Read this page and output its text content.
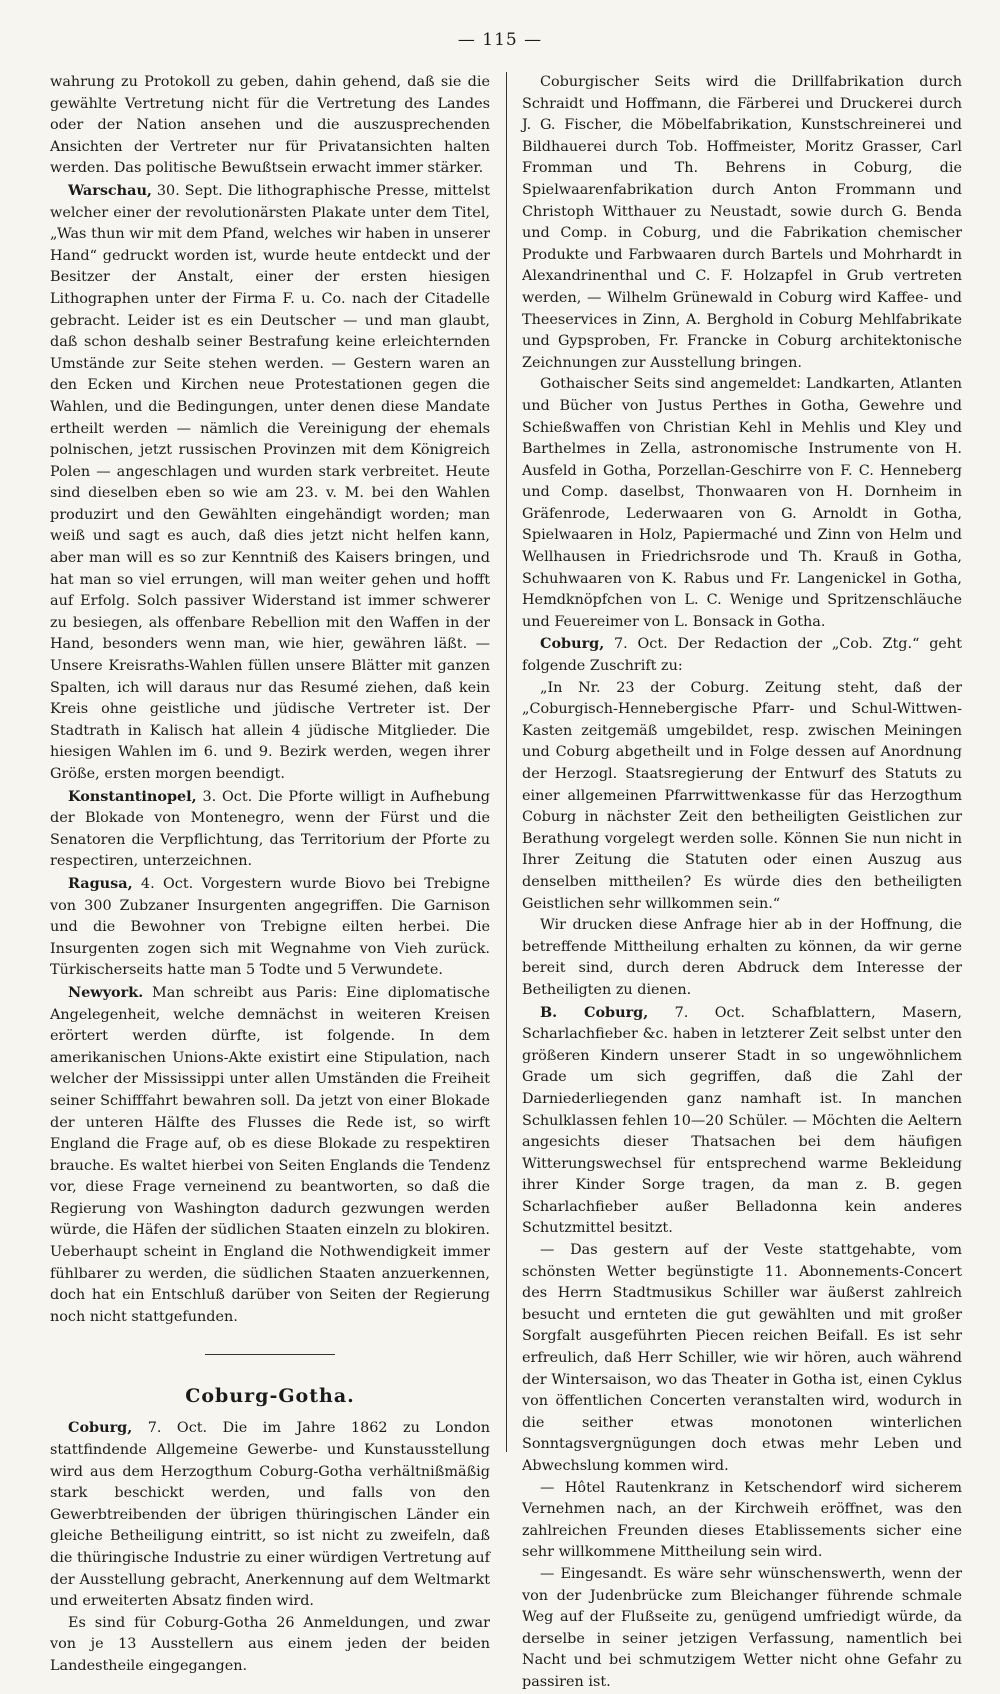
— 115 —

wahrung zu Protokoll zu geben, dahin gehend, daß sie die gewählte Vertretung nicht für die Vertretung des Landes oder der Nation ansehen und die auszusprechenden Ansichten der Vertreter nur für Privatansichten halten werden. Das politische Bewußtsein erwacht immer stärker.

Warschau, 30. Sept. Die lithographische Presse, mittelst welcher einer der revolutionärsten Plakate unter dem Titel, „Was thun wir mit dem Pfand, welches wir haben in unserer Hand“ gedruckt worden ist, wurde heute entdeckt und der Besitzer der Anstalt, einer der ersten hiesigen Lithographen unter der Firma F. u. Co. nach der Citadelle gebracht. Leider ist es ein Deutscher — und man glaubt, daß schon deshalb seiner Bestrafung keine erleichternden Umstände zur Seite stehen werden. — Gestern waren an den Ecken und Kirchen neue Protestationen gegen die Wahlen, und die Bedingungen, unter denen diese Mandate ertheilt werden — nämlich die Vereinigung der ehemals polnischen, jetzt russischen Provinzen mit dem Königreich Polen — angeschlagen und wurden stark verbreitet. Heute sind dieselben eben so wie am 23. v. M. bei den Wahlen produzirt und den Gewählten eingehändigt worden; man weiß und sagt es auch, daß dies jetzt nicht helfen kann, aber man will es so zur Kenntniß des Kaisers bringen, und hat man so viel errungen, will man weiter gehen und hofft auf Erfolg. Solch passiver Widerstand ist immer schwerer zu besiegen, als offenbare Rebellion mit den Waffen in der Hand, besonders wenn man, wie hier, gewähren läßt. — Unsere Kreisraths-Wahlen füllen unsere Blätter mit ganzen Spalten, ich will daraus nur das Resumé ziehen, daß kein Kreis ohne geistliche und jüdische Vertreter ist. Der Stadtrath in Kalisch hat allein 4 jüdische Mitglieder. Die hiesigen Wahlen im 6. und 9. Bezirk werden, wegen ihrer Größe, ersten morgen beendigt.

Konstantinopel, 3. Oct. Die Pforte willigt in Aufhebung der Blokade von Montenegro, wenn der Fürst und die Senatoren die Verpflichtung, das Territorium der Pforte zu respectiren, unterzeichnen.

Ragusa, 4. Oct. Vorgestern wurde Biovo bei Trebigne von 300 Zubzaner Insurgenten angegriffen. Die Garnison und die Bewohner von Trebigne eilten herbei. Die Insurgenten zogen sich mit Wegnahme von Vieh zurück. Türkischerseits hatte man 5 Todte und 5 Verwundete.

Newyork. Man schreibt aus Paris: Eine diplomatische Angelegenheit, welche demnächst in weiteren Kreisen erörtert werden dürfte, ist folgende. In dem amerikanischen Unions-Akte existirt eine Stipulation, nach welcher der Mississippi unter allen Umständen die Freiheit seiner Schifffahrt bewahren soll. Da jetzt von einer Blokade der unteren Hälfte des Flusses die Rede ist, so wirft England die Frage auf, ob es diese Blokade zu respektiren brauche. Es waltet hierbei von Seiten Englands die Tendenz vor, diese Frage verneinend zu beantworten, so daß die Regierung von Washington dadurch gezwungen werden würde, die Häfen der südlichen Staaten einzeln zu blokiren. Ueberhaupt scheint in England die Nothwendigkeit immer fühlbarer zu werden, die südlichen Staaten anzuerkennen, doch hat ein Entschluß darüber von Seiten der Regierung noch nicht stattgefunden.

Coburg-Gotha.

Coburg, 7. Oct. Die im Jahre 1862 zu London stattfindende Allgemeine Gewerbe- und Kunstausstellung wird aus dem Herzogthum Coburg-Gotha verhältnißmäßig stark beschickt werden, und falls von den Gewerbtreibenden der übrigen thüringischen Länder ein gleiche Betheiligung eintritt, so ist nicht zu zweifeln, daß die thüringische Industrie zu einer würdigen Vertretung auf der Ausstellung gebracht, Anerkennung auf dem Weltmarkt und erweiterten Absatz finden wird.

Es sind für Coburg-Gotha 26 Anmeldungen, und zwar von je 13 Ausstellern aus einem jeden der beiden Landestheile eingegangen.

Coburgischer Seits wird die Drillfabrikation durch Schraidt und Hoffmann, die Färberei und Druckerei durch J. G. Fischer, die Möbelfabrikation, Kunstschreinerei und Bildhauerei durch Tob. Hoffmeister, Moritz Grasser, Carl Fromman und Th. Behrens in Coburg, die Spielwaarenfabrikation durch Anton Frommann und Christoph Witthauer zu Neustadt, sowie durch G. Benda und Comp. in Coburg, und die Fabrikation chemischer Produkte und Farbwaaren durch Bartels und Mohrhardt in Alexandrinenthal und C. F. Holzapfel in Grub vertreten werden, — Wilhelm Grünewald in Coburg wird Kaffee- und Theeservices in Zinn, A. Berghold in Coburg Mehlfabrikate und Gypsproben, Fr. Francke in Coburg architektonische Zeichnungen zur Ausstellung bringen.

Gothaischer Seits sind angemeldet: Landkarten, Atlanten und Bücher von Justus Perthes in Gotha, Gewehre und Schießwaffen von Christian Kehl in Mehlis und Kley und Barthelmes in Zella, astronomische Instrumente von H. Ausfeld in Gotha, Porzellan-Geschirre von F. C. Henneberg und Comp. daselbst, Thonwaaren von H. Dornheim in Gräfenrode, Lederwaaren von G. Arnoldt in Gotha, Spielwaaren in Holz, Papiermaché und Zinn von Helm und Wellhausen in Friedrichsrode und Th. Krauß in Gotha, Schuhwaaren von K. Rabus und Fr. Langenickel in Gotha, Hemdknöpfchen von L. C. Wenige und Spritzenschläuche und Feuereimer von L. Bonsack in Gotha.

Coburg, 7. Oct. Der Redaction der „Cob. Ztg.“ geht folgende Zuschrift zu:

„In Nr. 23 der Coburg. Zeitung steht, daß der „Coburgisch-Hennebergische Pfarr- und Schul-Wittwen-Kasten zeitgemäß umgebildet, resp. zwischen Meiningen und Coburg abgetheilt und in Folge dessen auf Anordnung der Herzogl. Staatsregierung der Entwurf des Statuts zu einer allgemeinen Pfarrwittwenkasse für das Herzogthum Coburg in nächster Zeit den betheiligten Geistlichen zur Berathung vorgelegt werden solle. Können Sie nun nicht in Ihrer Zeitung die Statuten oder einen Auszug aus denselben mittheilen? Es würde dies den betheiligten Geistlichen sehr willkommen sein.“

Wir drucken diese Anfrage hier ab in der Hoffnung, die betreffende Mittheilung erhalten zu können, da wir gerne bereit sind, durch deren Abdruck dem Interesse der Betheiligten zu dienen.

B. Coburg, 7. Oct. Schafblattern, Masern, Scharlachfieber &c. haben in letzterer Zeit selbst unter den größeren Kindern unserer Stadt in so ungewöhnlichem Grade um sich gegriffen, daß die Zahl der Darniederliegenden ganz namhaft ist. In manchen Schulklassen fehlen 10—20 Schüler. — Möchten die Aeltern angesichts dieser Thatsachen bei dem häufigen Witterungswechsel für entsprechend warme Bekleidung ihrer Kinder Sorge tragen, da man z. B. gegen Scharlachfieber außer Belladonna kein anderes Schutzmittel besitzt.

— Das gestern auf der Veste stattgehabte, vom schönsten Wetter begünstigte 11. Abonnements-Concert des Herrn Stadtmusikus Schiller war äußerst zahlreich besucht und ernteten die gut gewählten und mit großer Sorgfalt ausgeführten Piecen reichen Beifall. Es ist sehr erfreulich, daß Herr Schiller, wie wir hören, auch während der Wintersaison, wo das Theater in Gotha ist, einen Cyklus von öffentlichen Concerten veranstalten wird, wodurch in die seither etwas monotonen winterlichen Sonntagsvergnügungen doch etwas mehr Leben und Abwechslung kommen wird.

— Hôtel Rautenkranz in Ketschendorf wird sicherem Vernehmen nach, an der Kirchweih eröffnet, was den zahlreichen Freunden dieses Etablissements sicher eine sehr willkommene Mittheilung sein wird.

— Eingesandt. Es wäre sehr wünschenswerth, wenn der von der Judenbrücke zum Bleichanger führende schmale Weg auf der Flußseite zu, genügend umfriedigt würde, da derselbe in seiner jetzigen Verfassung, namentlich bei Nacht und bei schmutzigem Wetter nicht ohne Gefahr zu passiren ist.
